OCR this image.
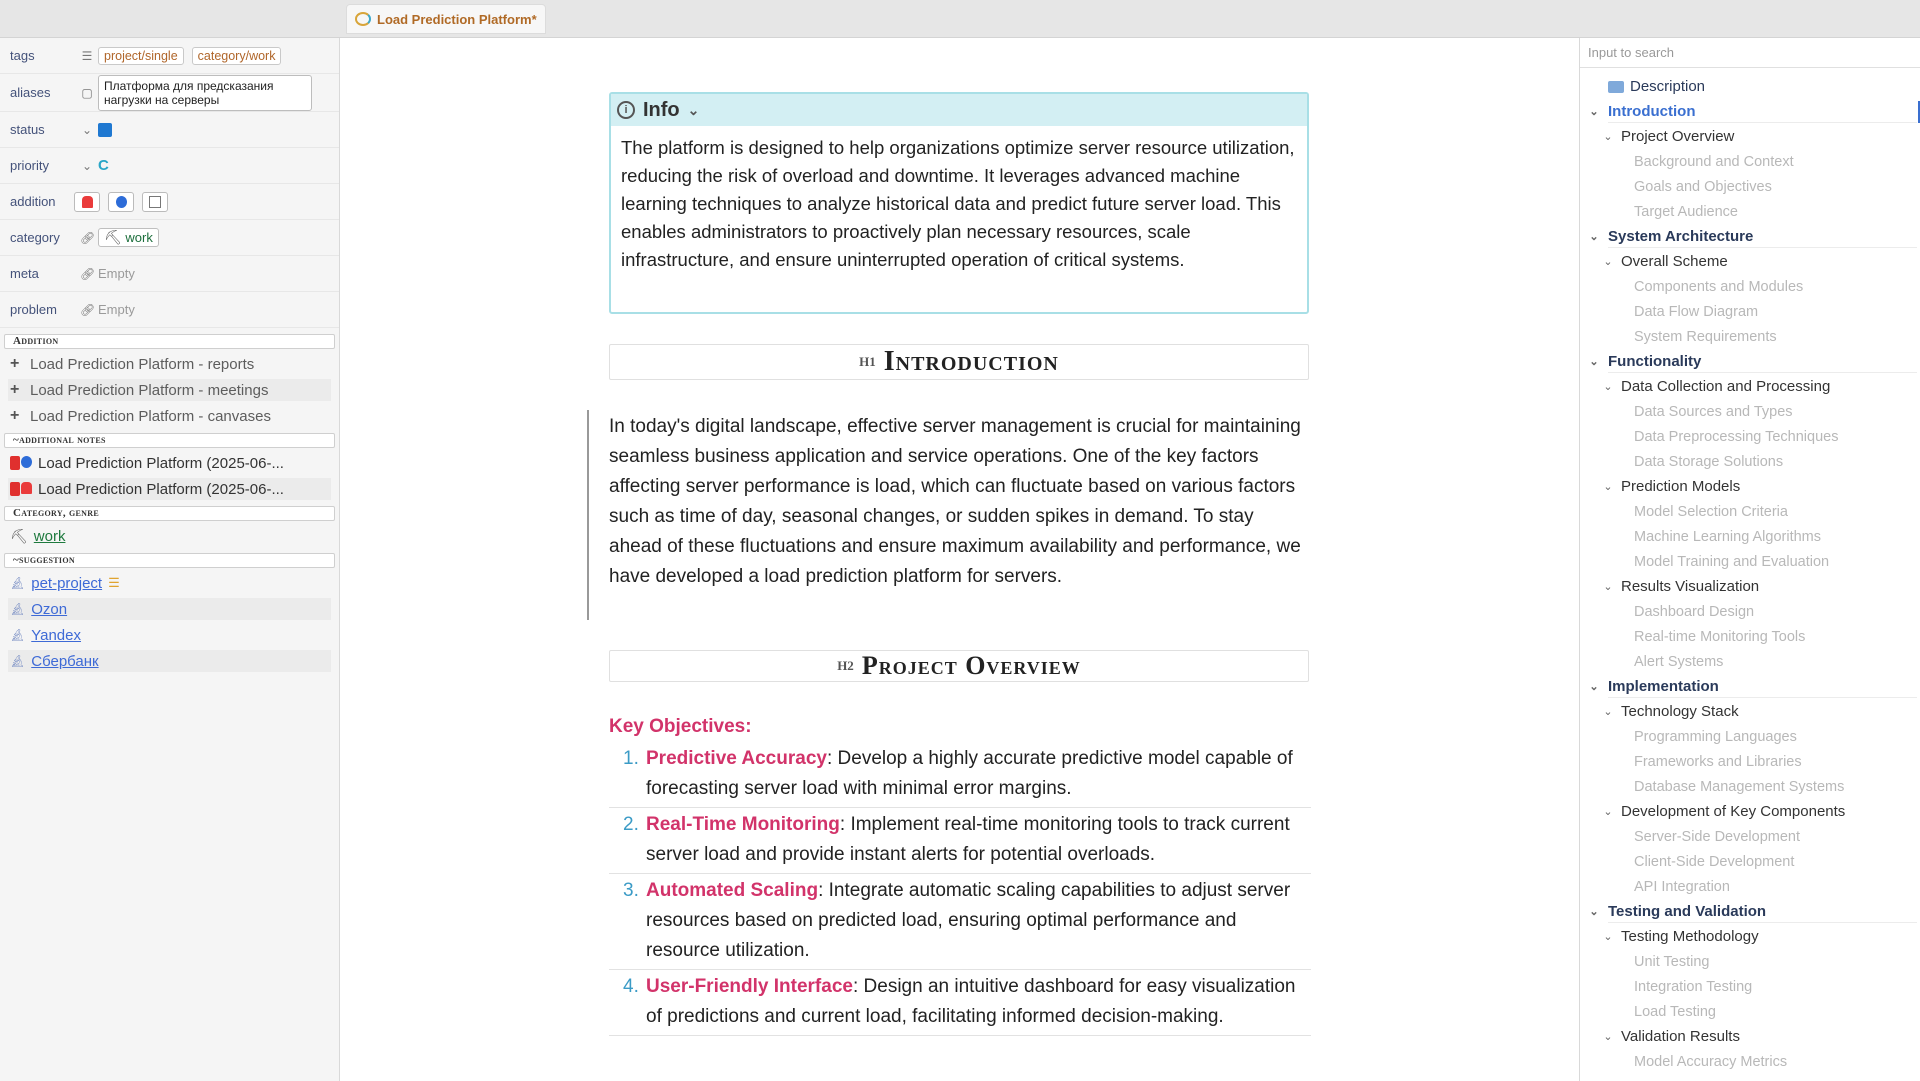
Load Prediction Platform*
tags	☰ project/single	category/work
aliases	▢ Платформа для предсказания нагрузки на серверы
status	⌄
priority	⌄ C
addition
category 🔗︎ ⛏︎ work
meta	🔗︎ Empty
problem 🔗︎ Empty
Addition
+ Load Prediction Platform - reports
+ Load Prediction Platform - meetings
+ Load Prediction Platform - canvases
~additional notes
Load Prediction Platform (2025-06-...
Load Prediction Platform (2025-06-...
Category, genre
⛏︎ work
~suggestion
🔬︎ pet-project ☰
🔬︎ Ozon
🔬︎ Yandex
🔬︎ Сбербанк
i Info ⌄
The platform is designed to help organizations optimize server resource utilization, reducing the risk of overload and downtime. It leverages advanced machine learning techniques to analyze historical data and predict future server load. This enables administrators to proactively plan necessary resources, scale infrastructure, and ensure uninterrupted operation of critical systems.
H1 Introduction
In today's digital landscape, effective server management is crucial for maintaining seamless business application and service operations. One of the key factors affecting server performance is load, which can fluctuate based on various factors such as time of day, seasonal changes, or sudden spikes in demand. To stay ahead of these fluctuations and ensure maximum availability and performance, we have developed a load prediction platform for servers.
H2 Project Overview
Key Objectives:
1. Predictive Accuracy: Develop a highly accurate predictive model capable of forecasting server load with minimal error margins.
2. Real-Time Monitoring: Implement real-time monitoring tools to track current server load and provide instant alerts for potential overloads.
3. Automated Scaling: Integrate automatic scaling capabilities to adjust server resources based on predicted load, ensuring optimal performance and resource utilization.
4. User-Friendly Interface: Design an intuitive dashboard for easy visualization of predictions and current load, facilitating informed decision-making.
Input to search
Description
⌄ Introduction
⌄ Project Overview
Background and Context
Goals and Objectives
Target Audience
⌄ System Architecture
⌄ Overall Scheme
Components and Modules
Data Flow Diagram
System Requirements
⌄ Functionality
⌄ Data Collection and Processing
Data Sources and Types
Data Preprocessing Techniques
Data Storage Solutions
⌄ Prediction Models
Model Selection Criteria
Machine Learning Algorithms
Model Training and Evaluation
⌄ Results Visualization
Dashboard Design
Real-time Monitoring Tools
Alert Systems
⌄ Implementation
⌄ Technology Stack
Programming Languages
Frameworks and Libraries
Database Management Systems
⌄ Development of Key Components
Server-Side Development
Client-Side Development
API Integration
⌄ Testing and Validation
⌄ Testing Methodology
Unit Testing
Integration Testing
Load Testing
⌄ Validation Results
Model Accuracy Metrics
